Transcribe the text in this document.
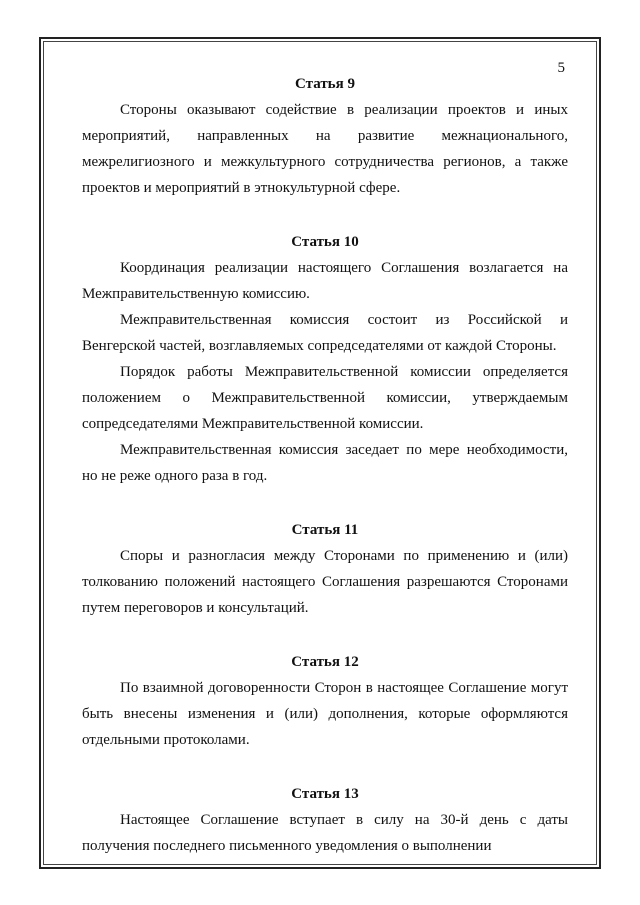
5
Статья 9

Стороны оказывают содействие в реализации проектов и иных мероприятий, направленных на развитие межнационального, межрелигиозного и межкультурного сотрудничества регионов, а также проектов и мероприятий в этнокультурной сфере.

Статья 10

Координация реализации настоящего Соглашения возлагается на Межправительственную комиссию.

Межправительственная комиссия состоит из Российской и Венгерской частей, возглавляемых сопредседателями от каждой Стороны.

Порядок работы Межправительственной комиссии определяется положением о Межправительственной комиссии, утверждаемым сопредседателями Межправительственной комиссии.

Межправительственная комиссия заседает по мере необходимости, но не реже одного раза в год.

Статья 11

Споры и разногласия между Сторонами по применению и (или) толкованию положений настоящего Соглашения разрешаются Сторонами путем переговоров и консультаций.

Статья 12

По взаимной договоренности Сторон в настоящее Соглашение могут быть внесены изменения и (или) дополнения, которые оформляются отдельными протоколами.

Статья 13

Настоящее Соглашение вступает в силу на 30-й день с даты получения последнего письменного уведомления о выполнении
